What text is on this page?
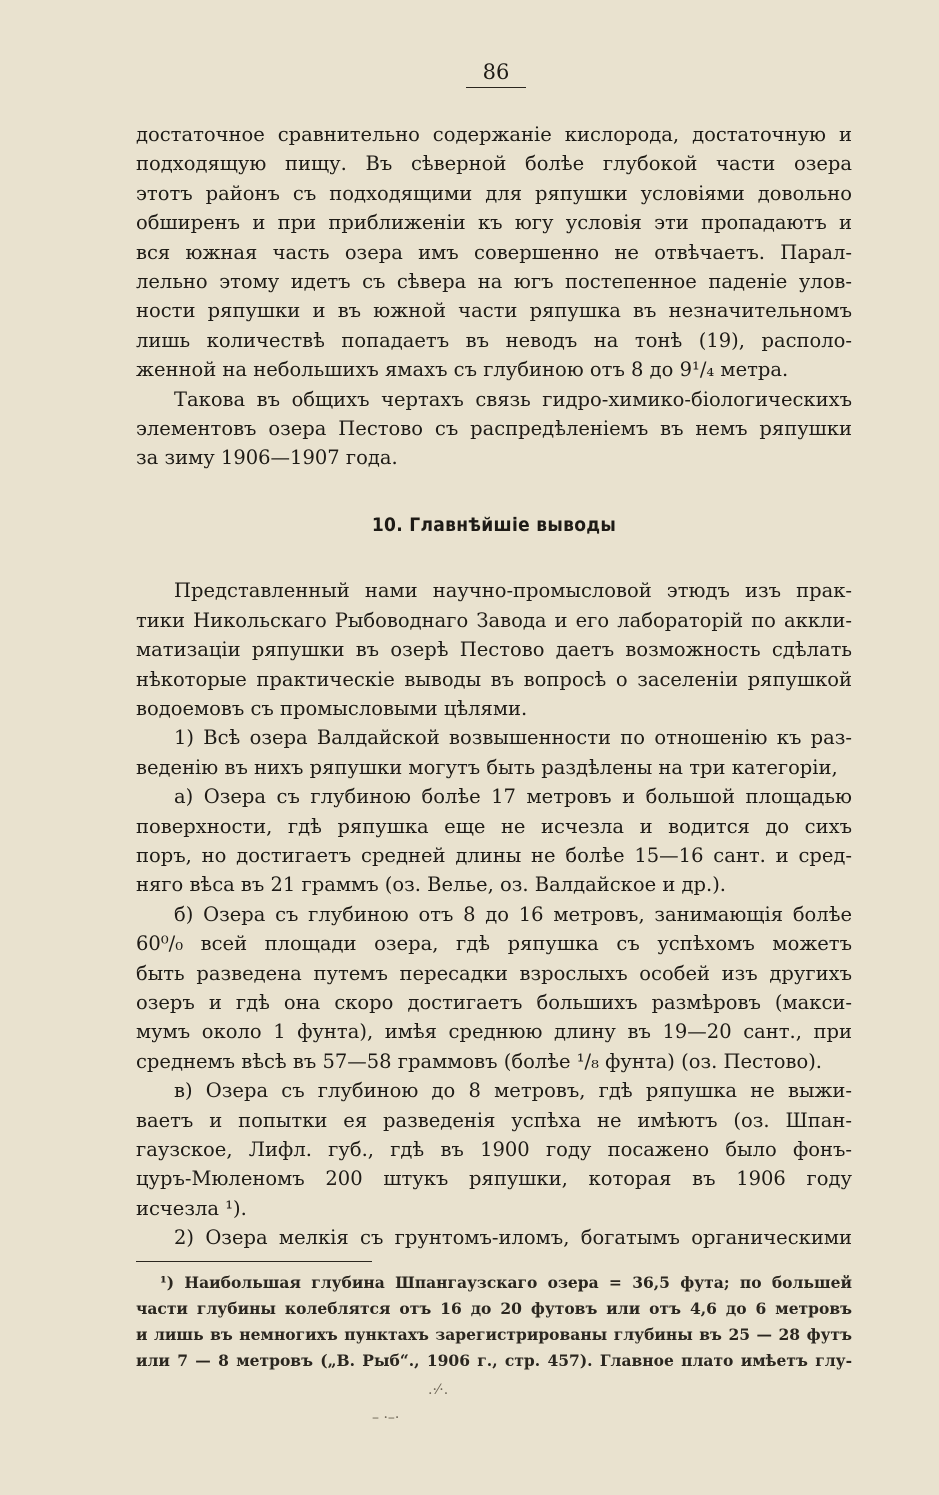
86
достаточное сравнительно содержаніе кислорода, достаточную и
подходящую пищу. Въ сѣверной болѣе глубокой части озера
этотъ районъ съ подходящими для ряпушки условіями довольно
обширенъ и при приближеніи къ югу условія эти пропадаютъ и
вся южная часть озера имъ совершенно не отвѣчаетъ. Парал-
лельно этому идетъ съ сѣвера на югъ постепенное паденіе улов-
ности ряпушки и въ южной части ряпушка въ незначительномъ
лишь количествѣ попадаетъ въ неводъ на тонѣ (19), располо-
женной на небольшихъ ямахъ съ глубиною отъ 8 до 9¹/₄ метра.
Такова въ общихъ чертахъ связь гидро-химико-біологическихъ
элементовъ озера Пестово съ распредѣленіемъ въ немъ ряпушки
за зиму 1906—1907 года.
10. Главнѣйшіе выводы
Представленный нами научно-промысловой этюдъ изъ прак-
тики Никольскаго Рыбоводнаго Завода и его лабораторій по аккли-
матизаціи ряпушки въ озерѣ Пестово даетъ возможность сдѣлать
нѣкоторые практическіе выводы въ вопросѣ о заселеніи ряпушкой
водоемовъ съ промысловыми цѣлями.
1) Всѣ озера Валдайской возвышенности по отношенію къ раз-
веденію въ нихъ ряпушки могутъ быть раздѣлены на три категоріи,
а) Озера съ глубиною болѣе 17 метровъ и большой площадью
поверхности, гдѣ ряпушка еще не исчезла и водится до сихъ
поръ, но достигаетъ средней длины не болѣе 15—16 сант. и сред-
няго вѣса въ 21 граммъ (оз. Велье, оз. Валдайское и др.).
б) Озера съ глубиною отъ 8 до 16 метровъ, занимающія болѣе
60⁰/₀ всей площади озера, гдѣ ряпушка съ успѣхомъ можетъ
быть разведена путемъ пересадки взрослыхъ особей изъ другихъ
озеръ и гдѣ она скоро достигаетъ большихъ размѣровъ (макси-
мумъ около 1 фунта), имѣя среднюю длину въ 19—20 сант., при
среднемъ вѣсѣ въ 57—58 граммовъ (болѣе ¹/₈ фунта) (оз. Пестово).
в) Озера съ глубиною до 8 метровъ, гдѣ ряпушка не выжи-
ваетъ и попытки ея разведенія успѣха не имѣютъ (оз. Шпан-
гаузское, Лифл. губ., гдѣ въ 1900 году посажено было фонъ-
цуръ-Мюленомъ 200 штукъ ряпушки, которая въ 1906 году
исчезла ¹).
2) Озера мелкія съ грунтомъ-иломъ, богатымъ органическими
¹) Наибольшая глубина Шпангаузскаго озера = 36,5 фута; по большей
части глубины колеблятся отъ 16 до 20 футовъ или отъ 4,6 до 6 метровъ
и лишь въ немногихъ пунктахъ зарегистрированы глубины въ 25 — 28 футъ
или 7 — 8 метровъ („В. Рыб“., 1906 г., стр. 457). Главное плато имѣетъ глу-
.·⁄·.
– ·–·
